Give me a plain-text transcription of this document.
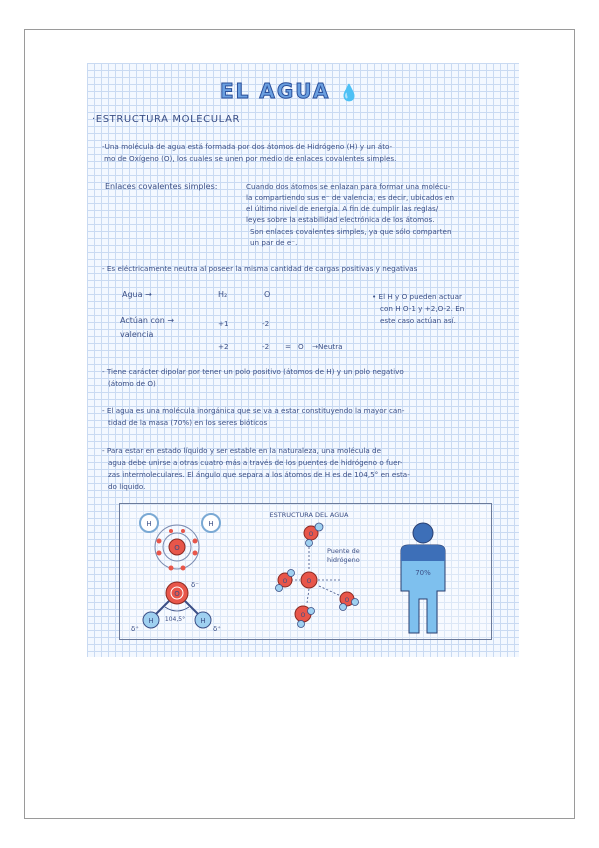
EL AGUA 💧
·ESTRUCTURA MOLECULAR
-Una molécula de agua está formada por dos átomos de Hidrógeno (H) y un áto-
mo de Oxígeno (O), los cuales se unen por medio de enlaces covalentes simples.
Enlaces covalentes simples:	Cuando dos átomos se enlazan para formar una molécu-
la compartiendo sus e⁻ de valencia, es decir, ubicados en
el último nivel de energía. A fin de cumplir las reglas/
leyes sobre la estabilidad electrónica de los átomos.
Son enlaces covalentes simples, ya que sólo comparten
un par de e⁻.
- Es eléctricamente neutra al poseer la misma cantidad de cargas positivas y negativas
Agua →	H₂	O
Actúan con →
valencia
+1	-2
+2	-2 = O →Neutra
• El H y O pueden actuar
con H O-1 y +2,O-2. En
este caso actúan así.
- Tiene carácter dipolar por tener un polo positivo (átomos de H) y un polo negativo
(átomo de O)
- El agua es una molécula inorgánica que se va a estar constituyendo la mayor can-
tidad de la masa (70%) en los seres bióticos
- Para estar en estado líquido y ser estable en la naturaleza, una molécula de
agua debe unirse a otras cuatro más a través de los puentes de hidrógeno o fuer-
zas intermoleculares. El ángulo que separa a los átomos de H es de 104,5° en esta-
do líquido.
H	H
O
O
H	H
δ⁻
δ⁺	δ⁺
104,5°
ESTRUCTURA DEL AGUA
O
O
O
O
O
Puente de
hidrógeno
70%
